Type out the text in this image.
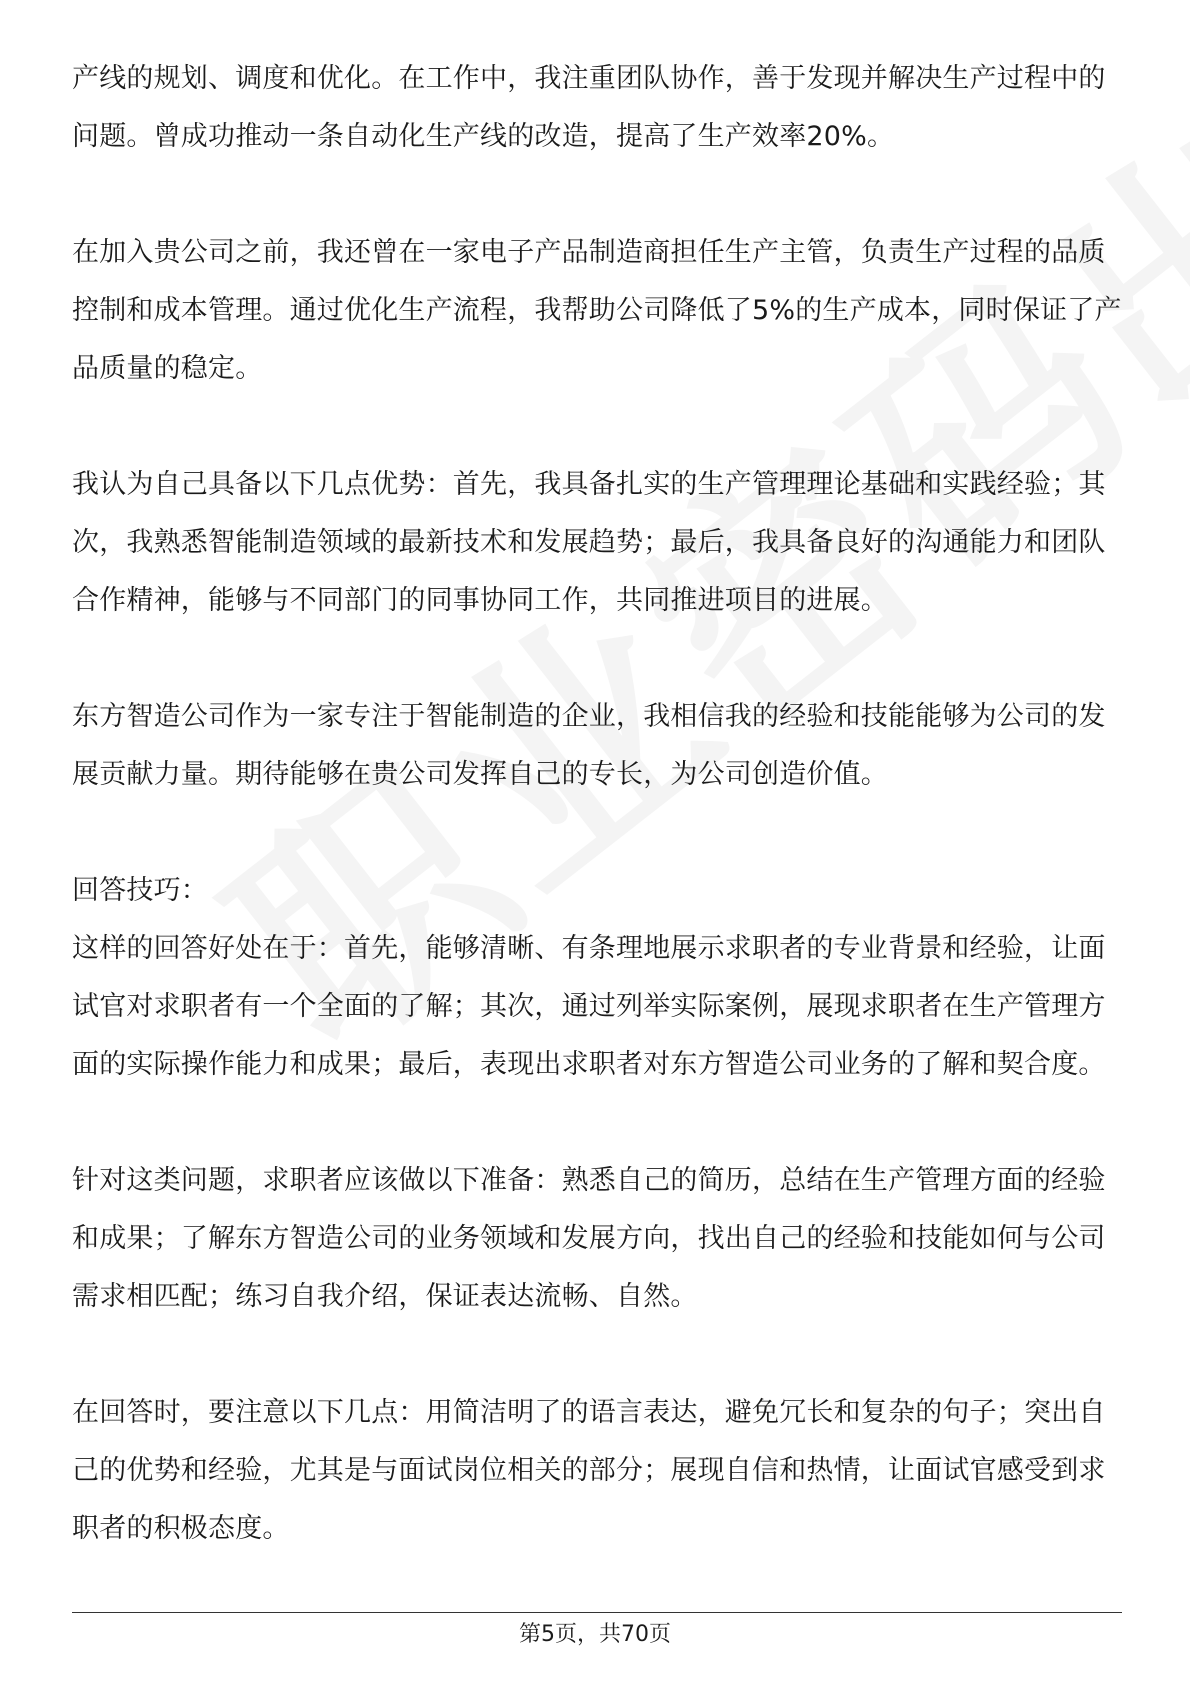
产线的规划、调度和优化。在工作中，我注重团队协作，善于发现并解决生产过程中的问题。曾成功推动一条自动化生产线的改造，提高了生产效率20%。

在加入贵公司之前，我还曾在一家电子产品制造商担任生产主管，负责生产过程的品质控制和成本管理。通过优化生产流程，我帮助公司降低了5%的生产成本，同时保证了产品质量的稳定。

我认为自己具备以下几点优势：首先，我具备扎实的生产管理理论基础和实践经验；其次，我熟悉智能制造领域的最新技术和发展趋势；最后，我具备良好的沟通能力和团队合作精神，能够与不同部门的同事协同工作，共同推进项目的进展。

东方智造公司作为一家专注于智能制造的企业，我相信我的经验和技能能够为公司的发展贡献力量。期待能够在贵公司发挥自己的专长，为公司创造价值。

回答技巧：

这样的回答好处在于：首先，能够清晰、有条理地展示求职者的专业背景和经验，让面试官对求职者有一个全面的了解；其次，通过列举实际案例，展现求职者在生产管理方面的实际操作能力和成果；最后，表现出求职者对东方智造公司业务的了解和契合度。

针对这类问题，求职者应该做以下准备：熟悉自己的简历，总结在生产管理方面的经验和成果；了解东方智造公司的业务领域和发展方向，找出自己的经验和技能如何与公司需求相匹配；练习自我介绍，保证表达流畅、自然。

在回答时，要注意以下几点：用简洁明了的语言表达，避免冗长和复杂的句子；突出自己的优势和经验，尤其是与面试岗位相关的部分；展现自信和热情，让面试官感受到求职者的积极态度。

第5页，共70页
